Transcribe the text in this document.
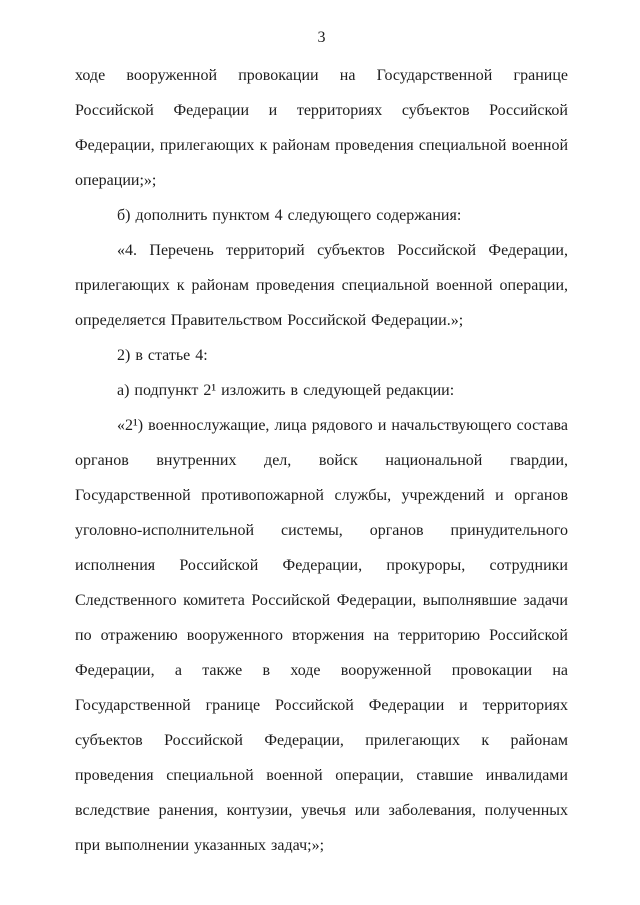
3

ходе вооруженной провокации на Государственной границе Российской Федерации и территориях субъектов Российской Федерации, прилегающих к районам проведения специальной военной операции;»;

б) дополнить пунктом 4 следующего содержания:

«4. Перечень территорий субъектов Российской Федерации, прилегающих к районам проведения специальной военной операции, определяется Правительством Российской Федерации.»;

2) в статье 4:

а) подпункт 2¹ изложить в следующей редакции:

«2¹) военнослужащие, лица рядового и начальствующего состава органов внутренних дел, войск национальной гвардии, Государственной противопожарной службы, учреждений и органов уголовно-исполнительной системы, органов принудительного исполнения Российской Федерации, прокуроры, сотрудники Следственного комитета Российской Федерации, выполнявшие задачи по отражению вооруженного вторжения на территорию Российской Федерации, а также в ходе вооруженной провокации на Государственной границе Российской Федерации и территориях субъектов Российской Федерации, прилегающих к районам проведения специальной военной операции, ставшие инвалидами вследствие ранения, контузии, увечья или заболевания, полученных при выполнении указанных задач;»;
